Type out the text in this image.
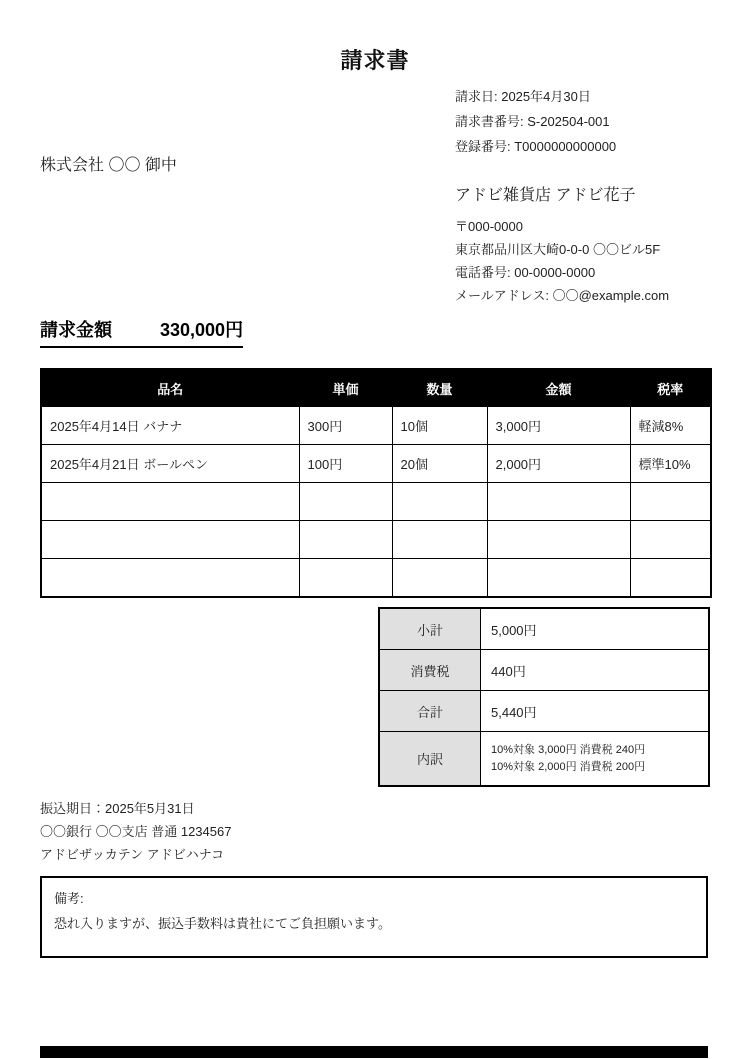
請求書
請求日: 2025年4月30日
請求書番号: S-202504-001
登録番号: T0000000000000
株式会社 〇〇 御中
アドビ雑貨店 アドビ花子
〒000-0000
東京都品川区大崎0-0-0 〇〇ビル5F
電話番号: 00-0000-0000
メールアドレス: 〇〇@example.com
請求金額	330,000円
品名	単価	数量	金額	税率
2025年4月14日 バナナ	300円	10個	3,000円	軽減8%
2025年4月21日 ボールペン	100円	20個	2,000円	標準10%

小計	5,000円
消費税	440円
合計	5,440円
内訳	10%対象 3,000円 消費税 240円
10%対象 2,000円 消費税 200円
振込期日：2025年5月31日
〇〇銀行 〇〇支店 普通 1234567
アドビザッカテン アドビハナコ
備考:
恐れ入りますが、振込手数料は貴社にてご負担願います。
